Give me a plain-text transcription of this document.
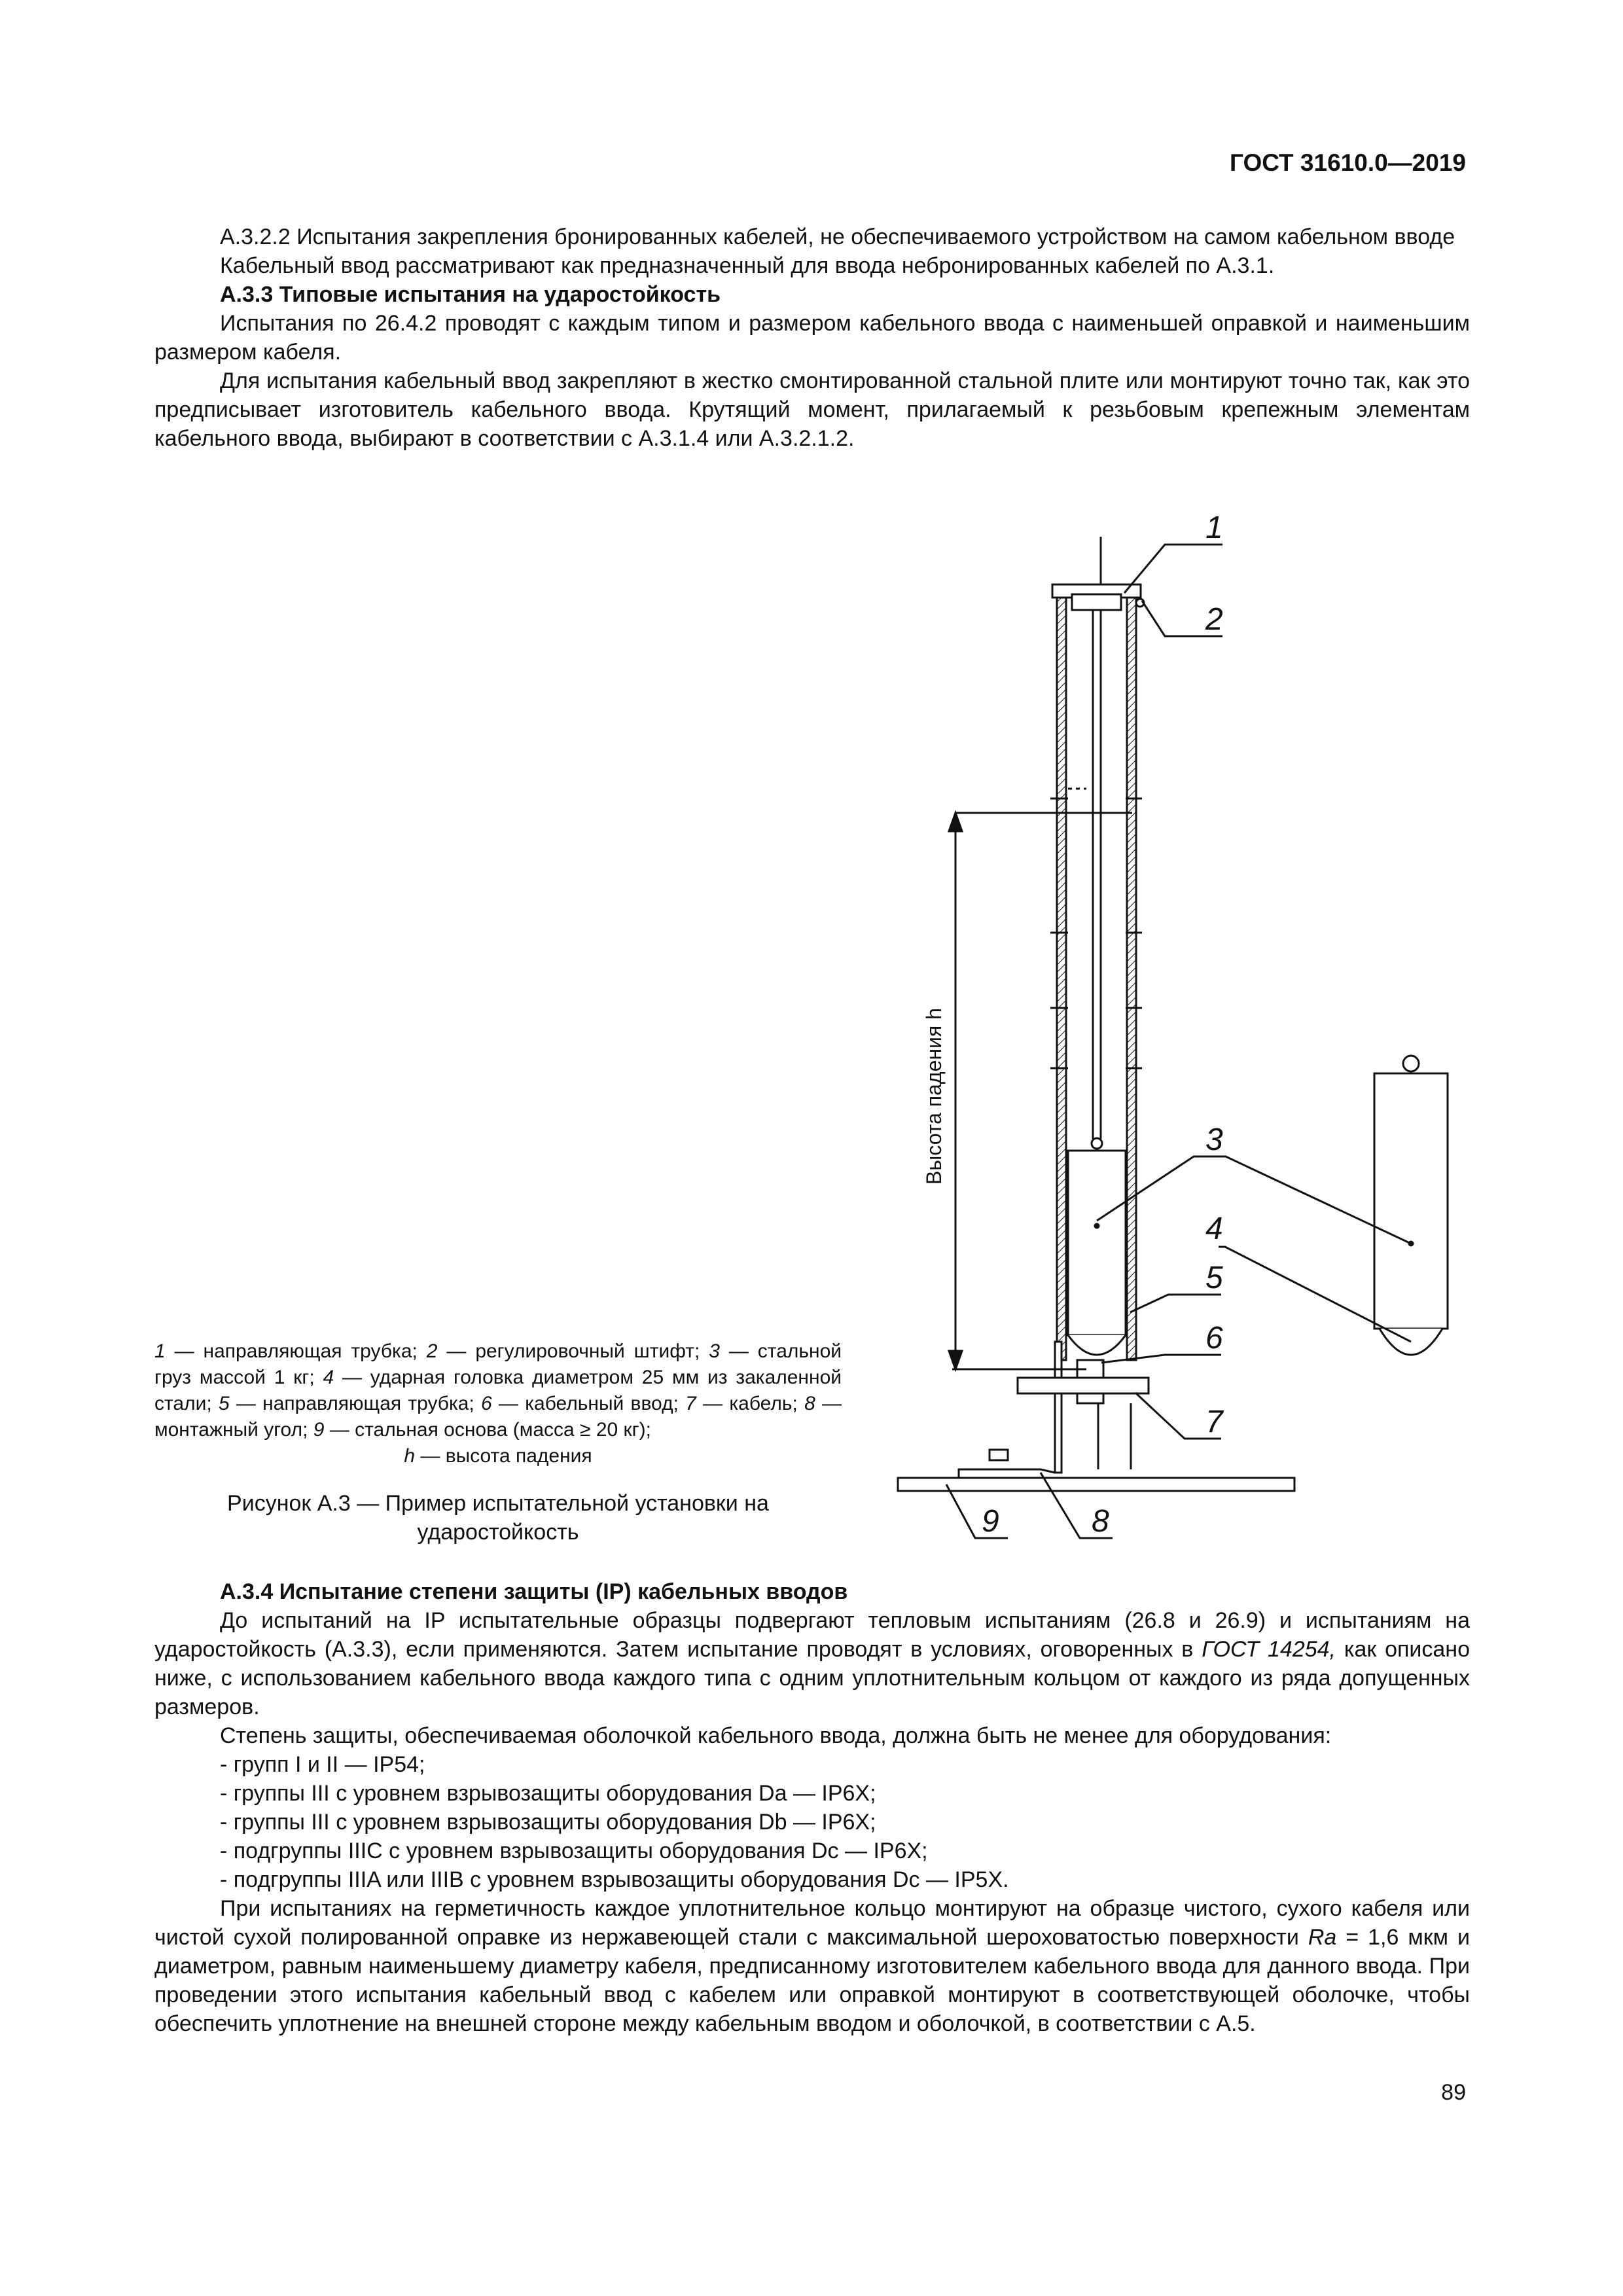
ГОСТ 31610.0—2019

А.3.2.2 Испытания закрепления бронированных кабелей, не обеспечиваемого устройством на самом кабельном вводе

Кабельный ввод рассматривают как предназначенный для ввода небронированных кабелей по А.3.1.

А.3.3 Типовые испытания на ударостойкость

Испытания по 26.4.2 проводят с каждым типом и размером кабельного ввода с наименьшей оправкой и наименьшим размером кабеля.

Для испытания кабельный ввод закрепляют в жестко смонтированной стальной плите или монтируют точно так, как это предписывает изготовитель кабельного ввода. Крутящий момент, прилагаемый к резьбовым крепежным элементам кабельного ввода, выбирают в соответствии с А.3.1.4 или А.3.2.1.2.

1
2
3
4
5
6
7
8
9
Высота падения h
1 — направляющая трубка; 2 — регулировочный штифт; 3 — стальной груз массой 1 кг; 4 — ударная головка диаметром 25 мм из закаленной стали; 5 — направляющая трубка; 6 — кабельный ввод; 7 — кабель; 8 — монтажный угол; 9 — стальная основа (масса ≥ 20 кг);
h — высота падения
Рисунок А.3 — Пример испытательной установки на ударостойкость

А.3.4 Испытание степени защиты (IP) кабельных вводов

До испытаний на IP испытательные образцы подвергают тепловым испытаниям (26.8 и 26.9) и испытаниям на ударостойкость (А.3.3), если применяются. Затем испытание проводят в условиях, оговоренных в ГОСТ 14254, как описано ниже, с использованием кабельного ввода каждого типа с одним уплотнительным кольцом от каждого из ряда допущенных размеров.

Степень защиты, обеспечиваемая оболочкой кабельного ввода, должна быть не менее для оборудования:

- групп I и II — IP54;

- группы III с уровнем взрывозащиты оборудования Da — IP6X;

- группы III с уровнем взрывозащиты оборудования Db — IP6X;

- подгруппы IIIC с уровнем взрывозащиты оборудования Dc — IP6X;

- подгруппы IIIA или IIIB с уровнем взрывозащиты оборудования Dc — IP5X.

При испытаниях на герметичность каждое уплотнительное кольцо монтируют на образце чистого, сухого кабеля или чистой сухой полированной оправке из нержавеющей стали с максимальной шероховатостью поверхности Ra = 1,6 мкм и диаметром, равным наименьшему диаметру кабеля, предписанному изготовителем кабельного ввода для данного ввода. При проведении этого испытания кабельный ввод с кабелем или оправкой монтируют в соответствующей оболочке, чтобы обеспечить уплотнение на внешней стороне между кабельным вводом и оболочкой, в соответствии с А.5.

89
